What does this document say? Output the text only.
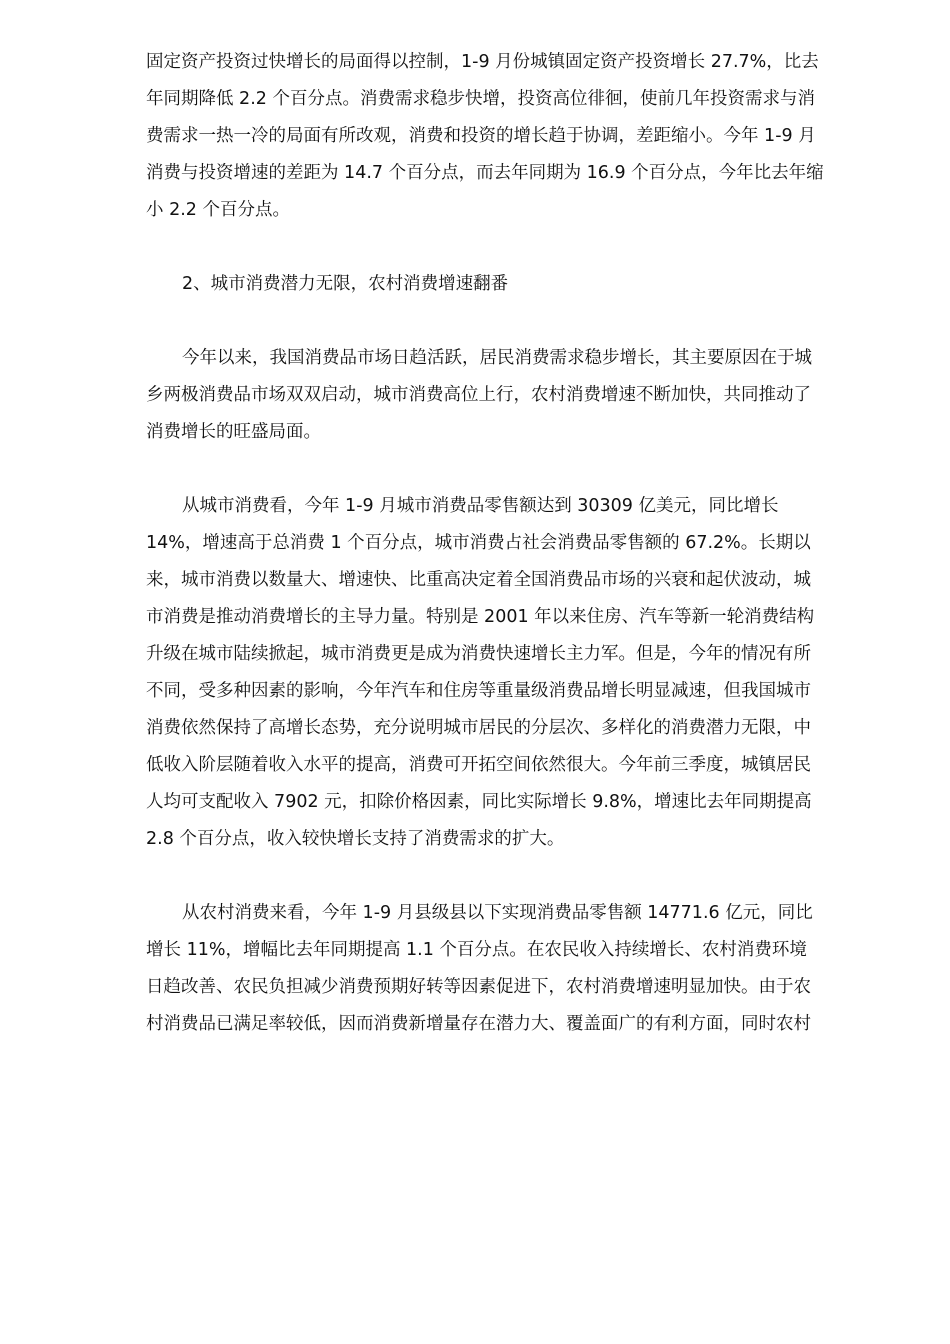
固定资产投资过快增长的局面得以控制，1-9 月份城镇固定资产投资增长 27.7%，比去
年同期降低 2.2 个百分点。消费需求稳步快增，投资高位徘徊，使前几年投资需求与消
费需求一热一冷的局面有所改观，消费和投资的增长趋于协调，差距缩小。今年 1-9 月
消费与投资增速的差距为 14.7 个百分点，而去年同期为 16.9 个百分点，今年比去年缩
小 2.2 个百分点。
2、城市消费潜力无限，农村消费增速翻番
今年以来，我国消费品市场日趋活跃，居民消费需求稳步增长，其主要原因在于城
乡两极消费品市场双双启动，城市消费高位上行，农村消费增速不断加快，共同推动了
消费增长的旺盛局面。
从城市消费看，今年 1-9 月城市消费品零售额达到 30309 亿美元，同比增长
14%，增速高于总消费 1 个百分点，城市消费占社会消费品零售额的 67.2%。长期以
来，城市消费以数量大、增速快、比重高决定着全国消费品市场的兴衰和起伏波动，城
市消费是推动消费增长的主导力量。特别是 2001 年以来住房、汽车等新一轮消费结构
升级在城市陆续掀起，城市消费更是成为消费快速增长主力军。但是，今年的情况有所
不同，受多种因素的影响，今年汽车和住房等重量级消费品增长明显减速，但我国城市
消费依然保持了高增长态势，充分说明城市居民的分层次、多样化的消费潜力无限，中
低收入阶层随着收入水平的提高，消费可开拓空间依然很大。今年前三季度，城镇居民
人均可支配收入 7902 元，扣除价格因素，同比实际增长 9.8%，增速比去年同期提高
2.8 个百分点，收入较快增长支持了消费需求的扩大。
从农村消费来看，今年 1-9 月县级县以下实现消费品零售额 14771.6 亿元，同比
增长 11%，增幅比去年同期提高 1.1 个百分点。在农民收入持续增长、农村消费环境
日趋改善、农民负担减少消费预期好转等因素促进下，农村消费增速明显加快。由于农
村消费品已满足率较低，因而消费新增量存在潜力大、覆盖面广的有利方面，同时农村
